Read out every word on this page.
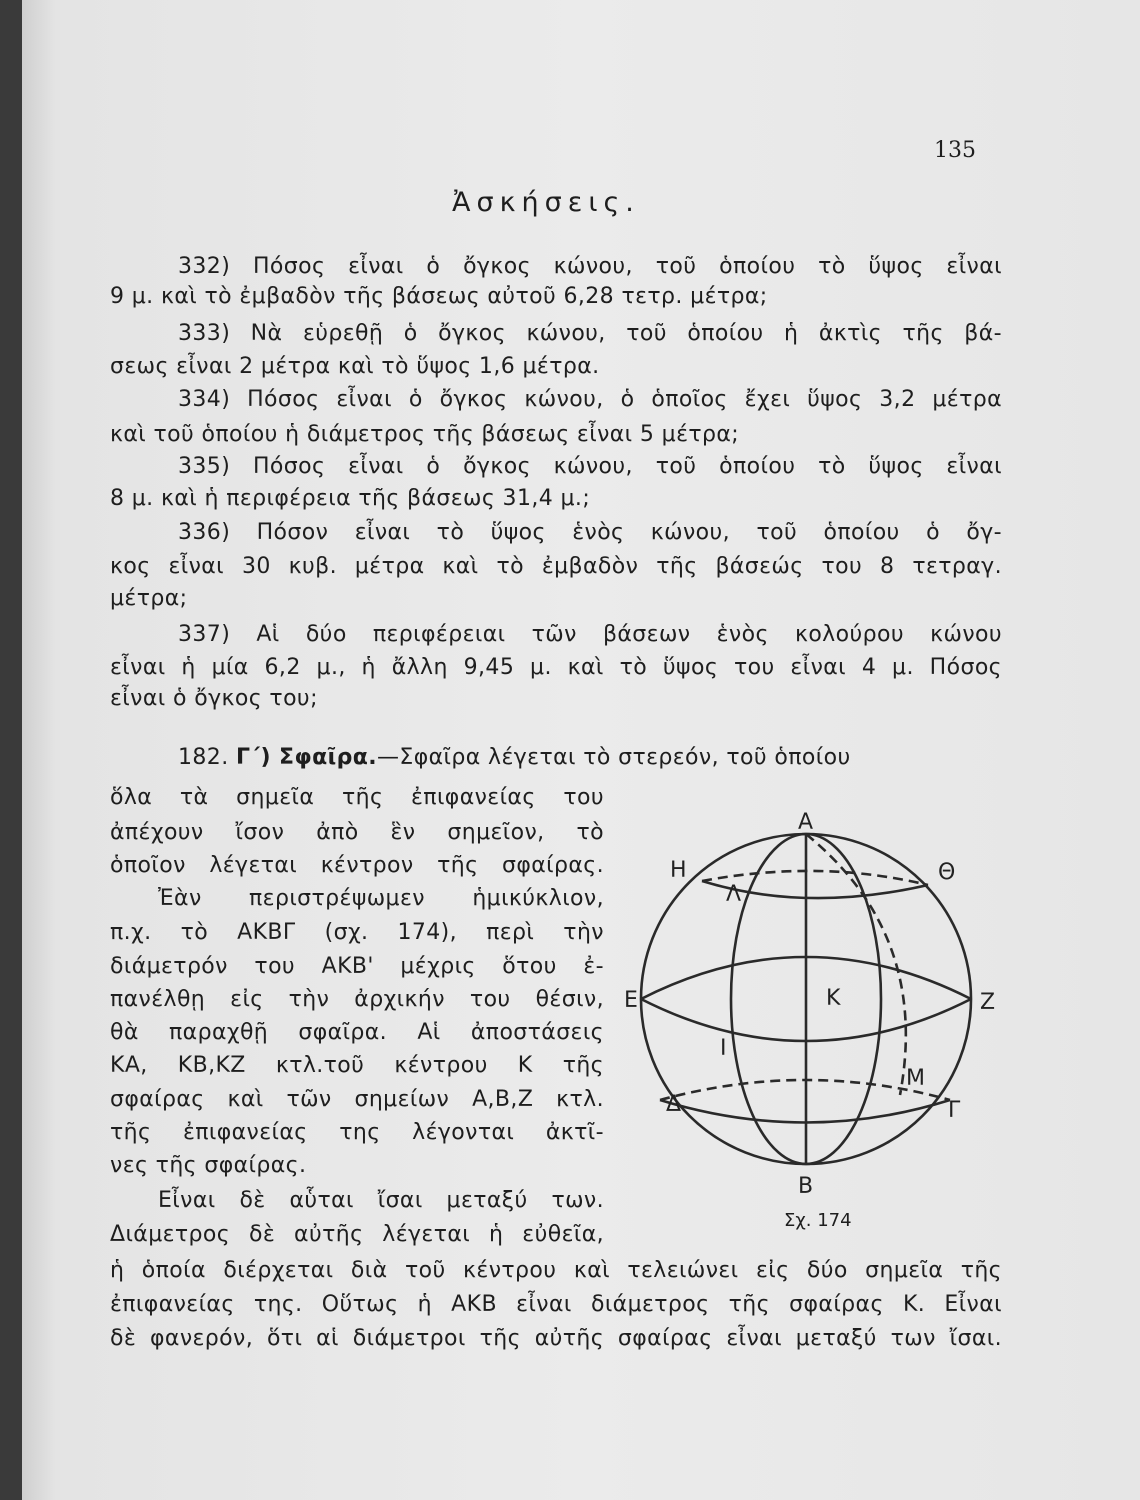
135
Ἀσκήσεις.
332) Πόσος εἶναι ὁ ὄγκος κώνου, τοῦ ὁποίου τὸ ὕψος εἶναι
9 μ. καὶ τὸ ἐμβαδὸν τῆς βάσεως αὐτοῦ 6,28 τετρ. μέτρα;
333) Νὰ εὑρεθῇ ὁ ὄγκος κώνου, τοῦ ὁποίου ἡ ἀκτὶς τῆς βά-
σεως εἶναι 2 μέτρα καὶ τὸ ὕψος 1,6 μέτρα.
334) Πόσος εἶναι ὁ ὄγκος κώνου, ὁ ὁποῖος ἔχει ὕψος 3,2 μέτρα
καὶ τοῦ ὁποίου ἡ διάμετρος τῆς βάσεως εἶναι 5 μέτρα;
335) Πόσος εἶναι ὁ ὄγκος κώνου, τοῦ ὁποίου τὸ ὕψος εἶναι
8 μ. καὶ ἡ περιφέρεια τῆς βάσεως 31,4 μ.;
336) Πόσον εἶναι τὸ ὕψος ἑνὸς κώνου, τοῦ ὁποίου ὁ ὄγ-
κος εἶναι 30 κυβ. μέτρα καὶ τὸ ἐμβαδὸν τῆς βάσεώς του 8 τετραγ.
μέτρα;
337) Αἱ δύο περιφέρειαι τῶν βάσεων ἑνὸς κολούρου κώνου
εἶναι ἡ μία 6,2 μ., ἡ ἄλλη 9,45 μ. καὶ τὸ ὕψος του εἶναι 4 μ. Πόσος
εἶναι ὁ ὄγκος του;
182. Γ΄) Σφαῖρα.—Σφαῖρα λέγεται τὸ στερεόν, τοῦ ὁποίου
ὅλα τὰ σημεῖα τῆς ἐπιφανείας του
ἀπέχουν ἴσον ἀπὸ ἓν σημεῖον, τὸ
ὁποῖον λέγεται κέντρον τῆς σφαίρας.
Ἐὰν περιστρέψωμεν ἡμικύκλιον,
π.χ. τὸ ΑΚΒΓ (σχ. 174), περὶ τὴν
διάμετρόν του ΑΚΒ' μέχρις ὅτου ἐ-
πανέλθῃ εἰς τὴν ἀρχικήν του θέσιν,
θὰ παραχθῇ σφαῖρα. Αἱ ἀποστάσεις
ΚΑ, ΚΒ,ΚΖ κτλ.τοῦ κέντρου Κ τῆς
σφαίρας καὶ τῶν σημείων Α,Β,Ζ κτλ.
τῆς ἐπιφανείας της λέγονται ἀκτῖ-
νες τῆς σφαίρας.
Εἶναι δὲ αὗται ἴσαι μεταξύ των.
Διάμετρος δὲ αὐτῆς λέγεται ἡ εὐθεῖα,
ἡ ὁποία διέρχεται διὰ τοῦ κέντρου καὶ τελειώνει εἰς δύο σημεῖα τῆς
ἐπιφανείας της. Οὕτως ἡ ΑΚΒ εἶναι διάμετρος τῆς σφαίρας Κ. Εἶναι
δὲ φανερόν, ὅτι αἱ διάμετροι τῆς αὐτῆς σφαίρας εἶναι μεταξύ των ἴσαι.
Α
Η	Θ
Λ
Ε	Κ	Ζ
Ι
Μ
Δ	Γ
Β
Σχ. 174
